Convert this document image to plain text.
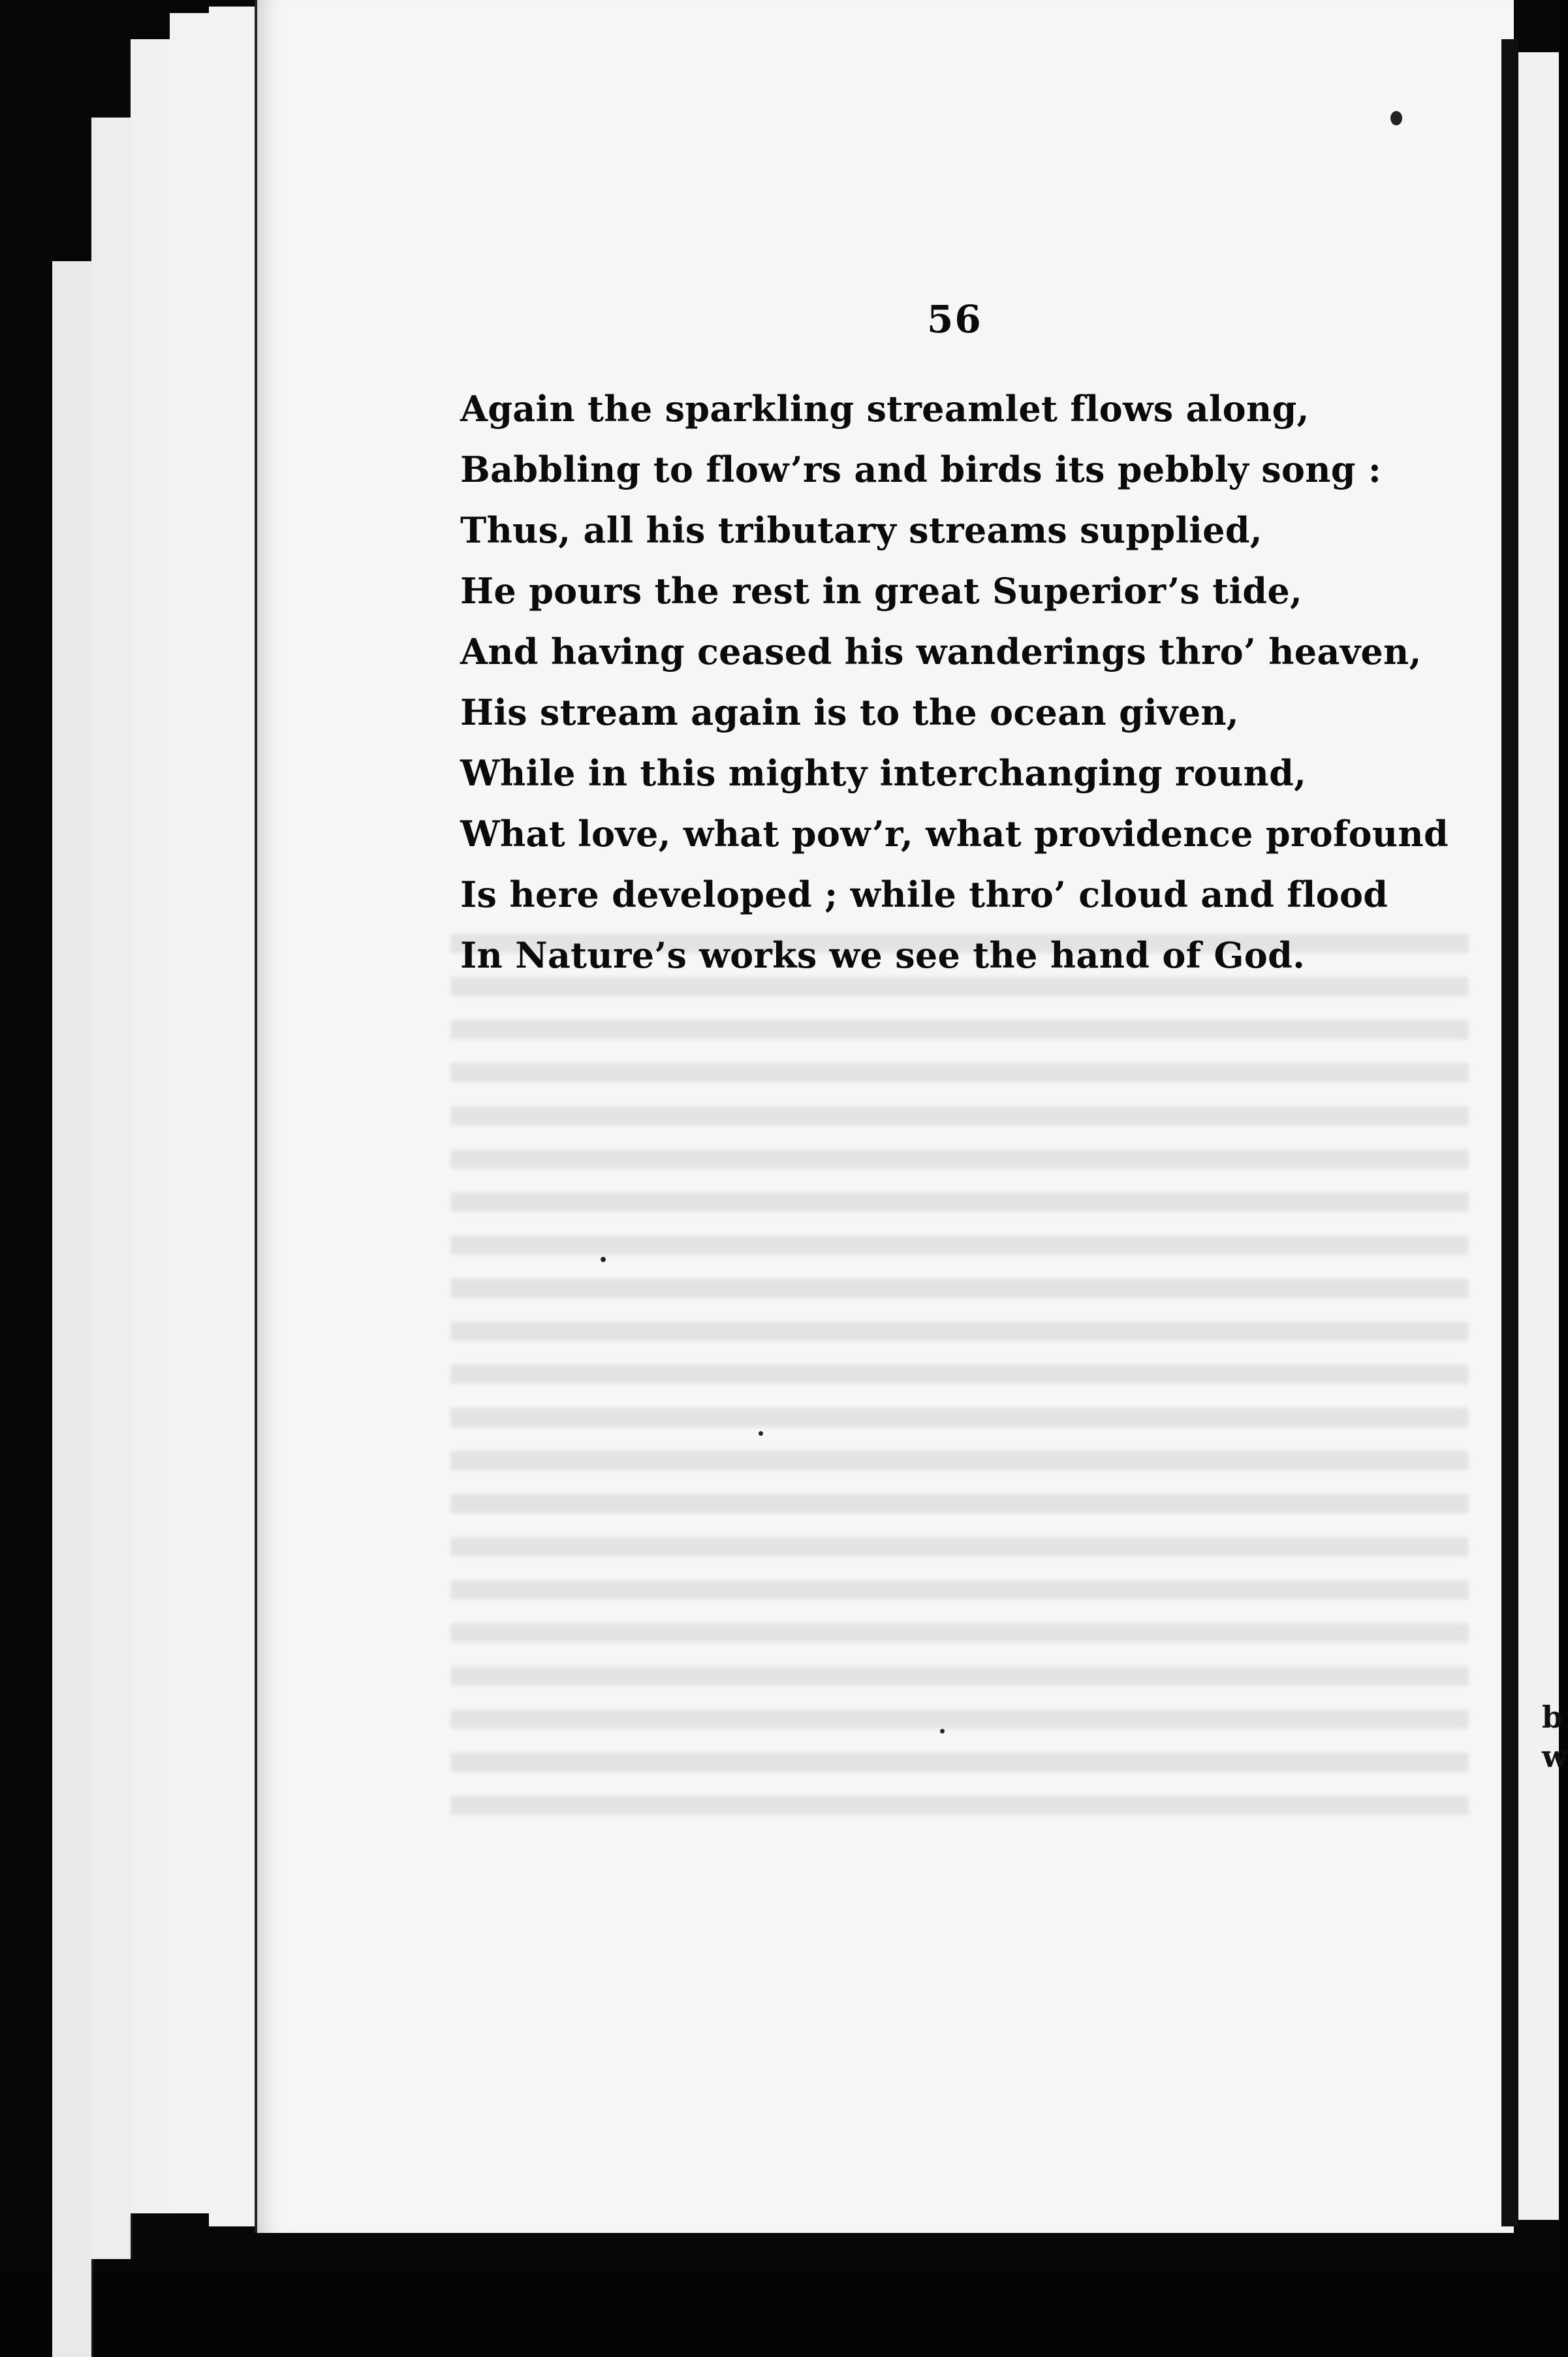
b
w
56
Again the sparkling streamlet flows along,
Babbling to flow’rs and birds its pebbly song :
Thus, all his tributary streams supplied,
He pours the rest in great Superior’s tide,
And having ceased his wanderings thro’ heaven,
His stream again is to the ocean given,
While in this mighty interchanging round,
What love, what pow’r, what providence profound
Is here developed ; while thro’ cloud and flood
In Nature’s works we see the hand of God.
